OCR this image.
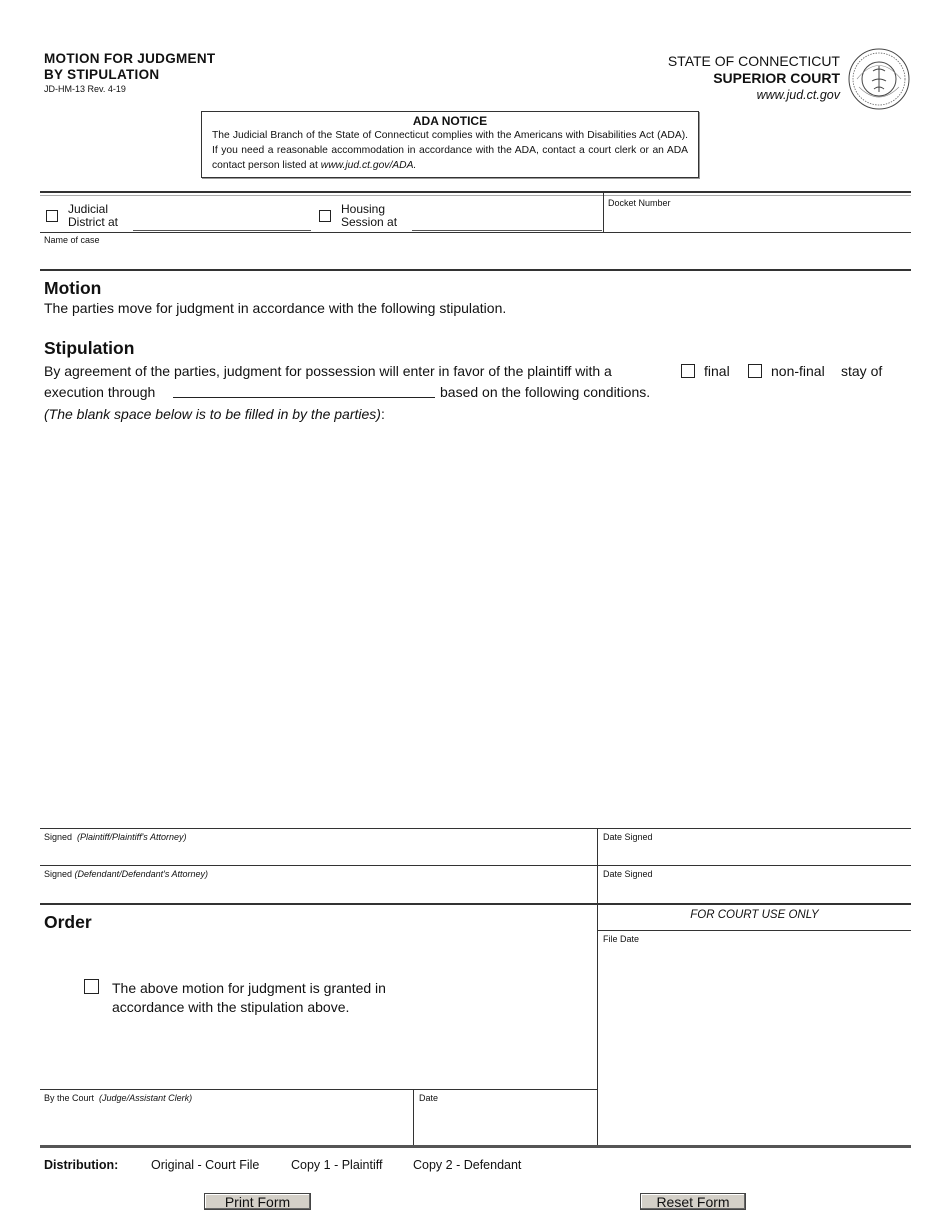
MOTION FOR JUDGMENT
BY STIPULATION
JD-HM-13 Rev. 4-19
STATE OF CONNECTICUT
SUPERIOR COURT
www.jud.ct.gov
ADA NOTICE
The Judicial Branch of the State of Connecticut complies with the Americans with Disabilities Act (ADA). If you need a reasonable accommodation in accordance with the ADA, contact a court clerk or an ADA contact person listed at www.jud.ct.gov/ADA.
Judicial
District at
Housing
Session at
Docket Number
Name of case
Motion
The parties move for judgment in accordance with the following stipulation.
Stipulation
By agreement of the parties, judgment for possession will enter in favor of the plaintiff with a	final	non-final stay of
execution through	based on the following conditions.
(The blank space below is to be filled in by the parties):
Signed (Plaintiff/Plaintiff's Attorney)	Date Signed
Signed (Defendant/Defendant's Attorney)	Date Signed
Order	FOR COURT USE ONLY
File Date
The above motion for judgment is granted in
accordance with the stipulation above.
By the Court (Judge/Assistant Clerk)	Date
Distribution:	Original - Court File	Copy 1 - Plaintiff Copy 2 - Defendant
Print Form	Reset Form
